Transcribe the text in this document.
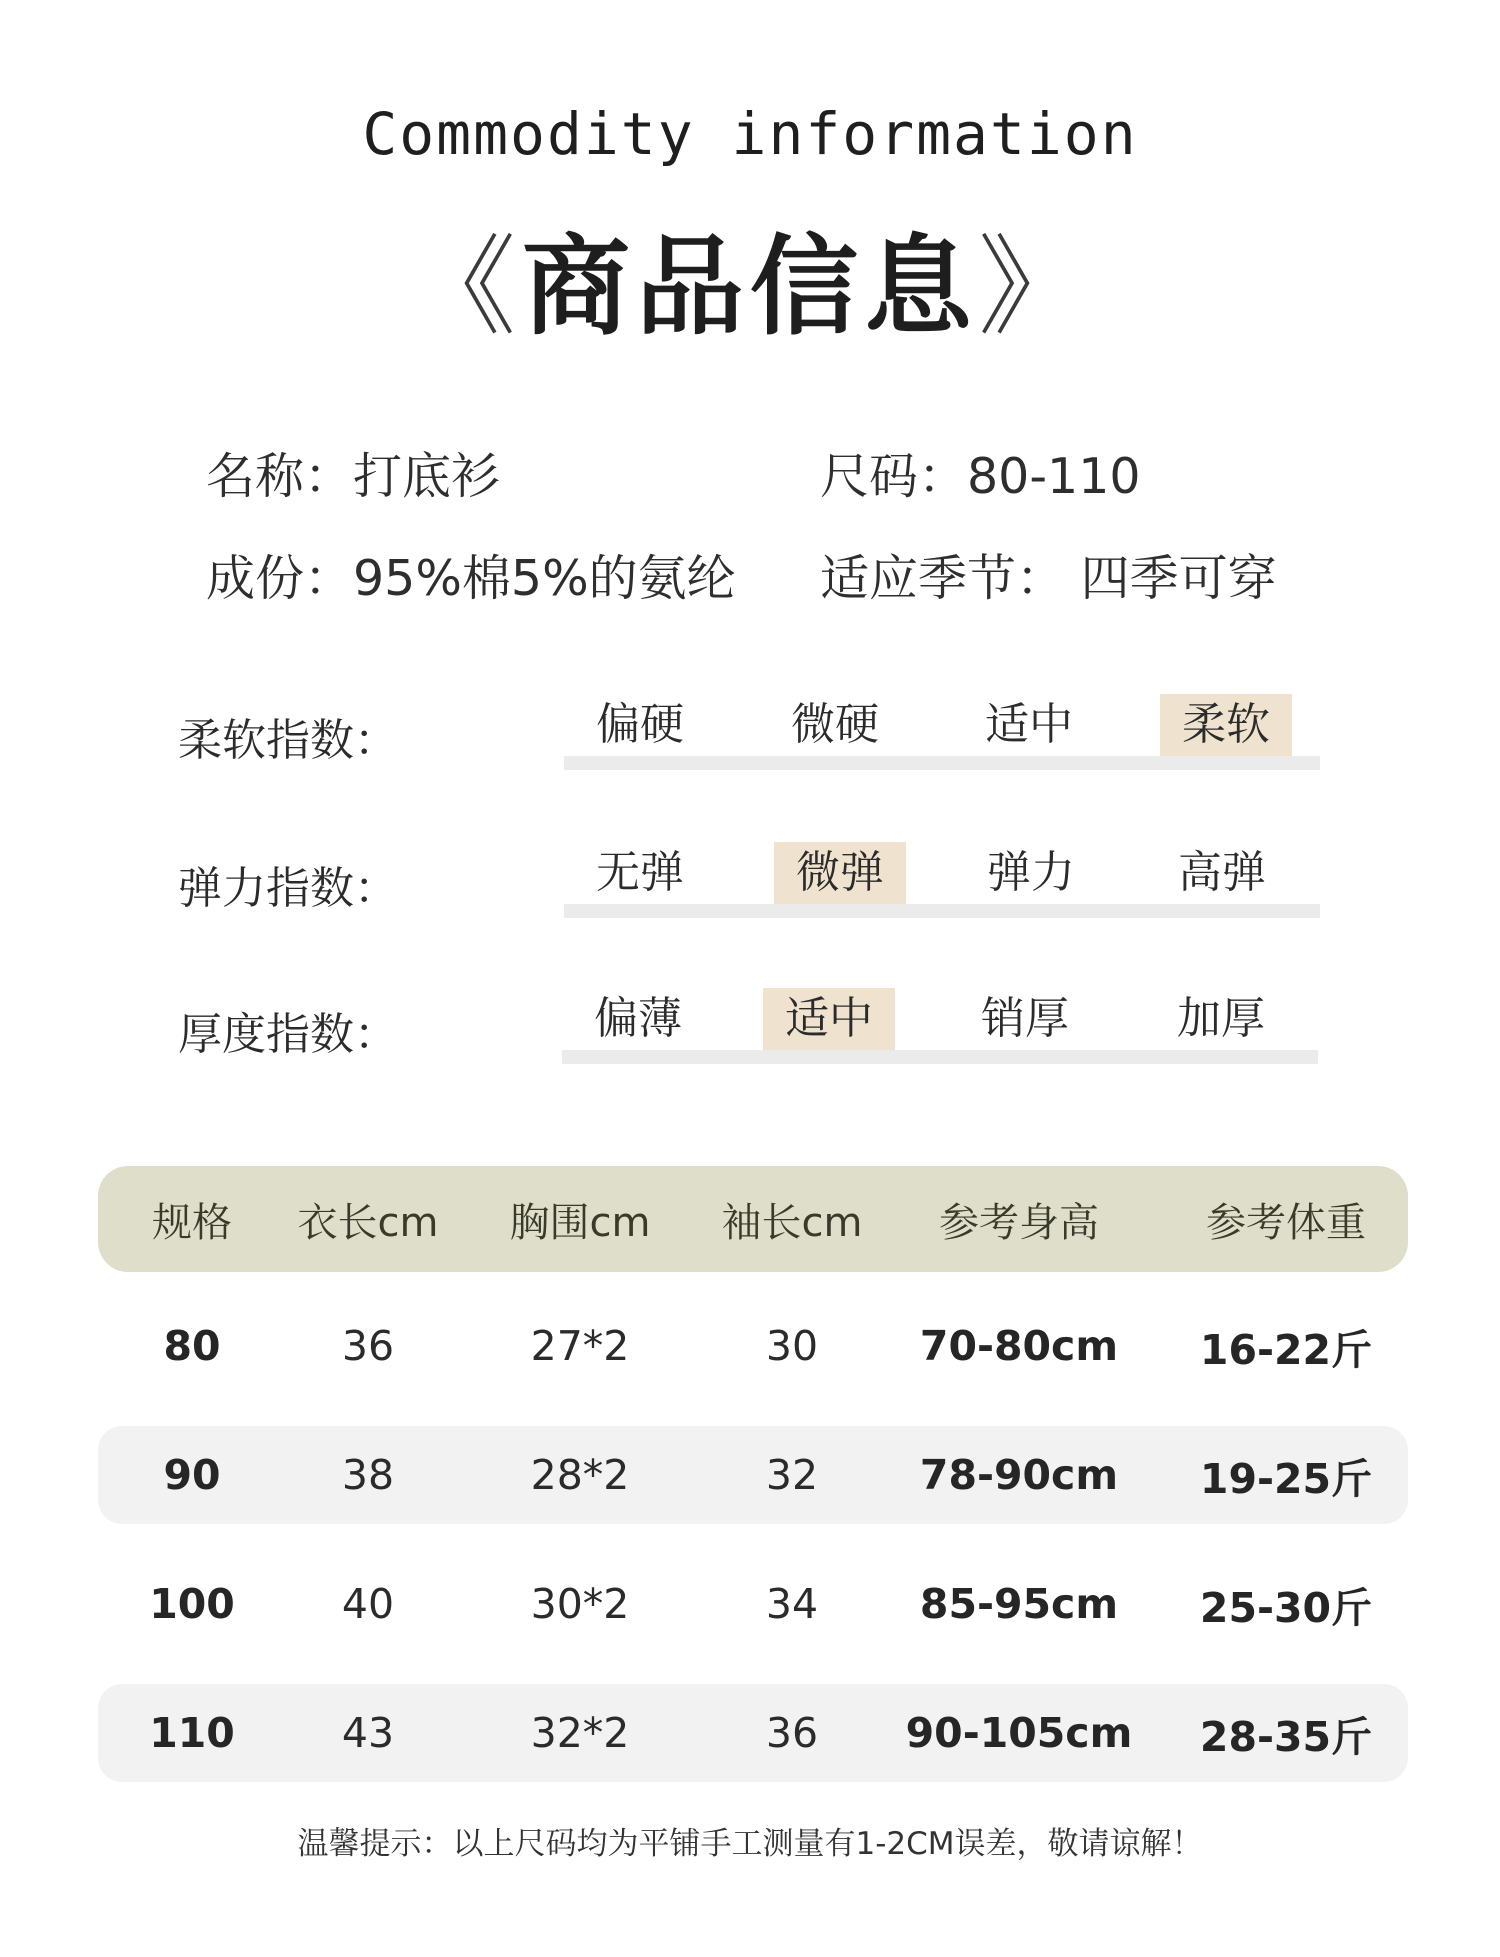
Commodity information
《商品信息》
名称：打底衫	尺码：80-110
成份：95%棉5%的氨纶 适应季节： 四季可穿
柔软指数：	偏硬	微硬	适中	柔软
弹力指数：	无弹	微弹	弹力	高弹
厚度指数：	偏薄	适中	销厚	加厚
规格	衣长cm	胸围cm	袖长cm	参考身高	参考体重
80	36	27*2	30	70-80cm	16-22斤
90	38	28*2	32	78-90cm	19-25斤
100	40	30*2	34	85-95cm	25-30斤
110	43	32*2	36	90-105cm	28-35斤
温馨提示：以上尺码均为平铺手工测量有1-2CM误差，敬请谅解！
